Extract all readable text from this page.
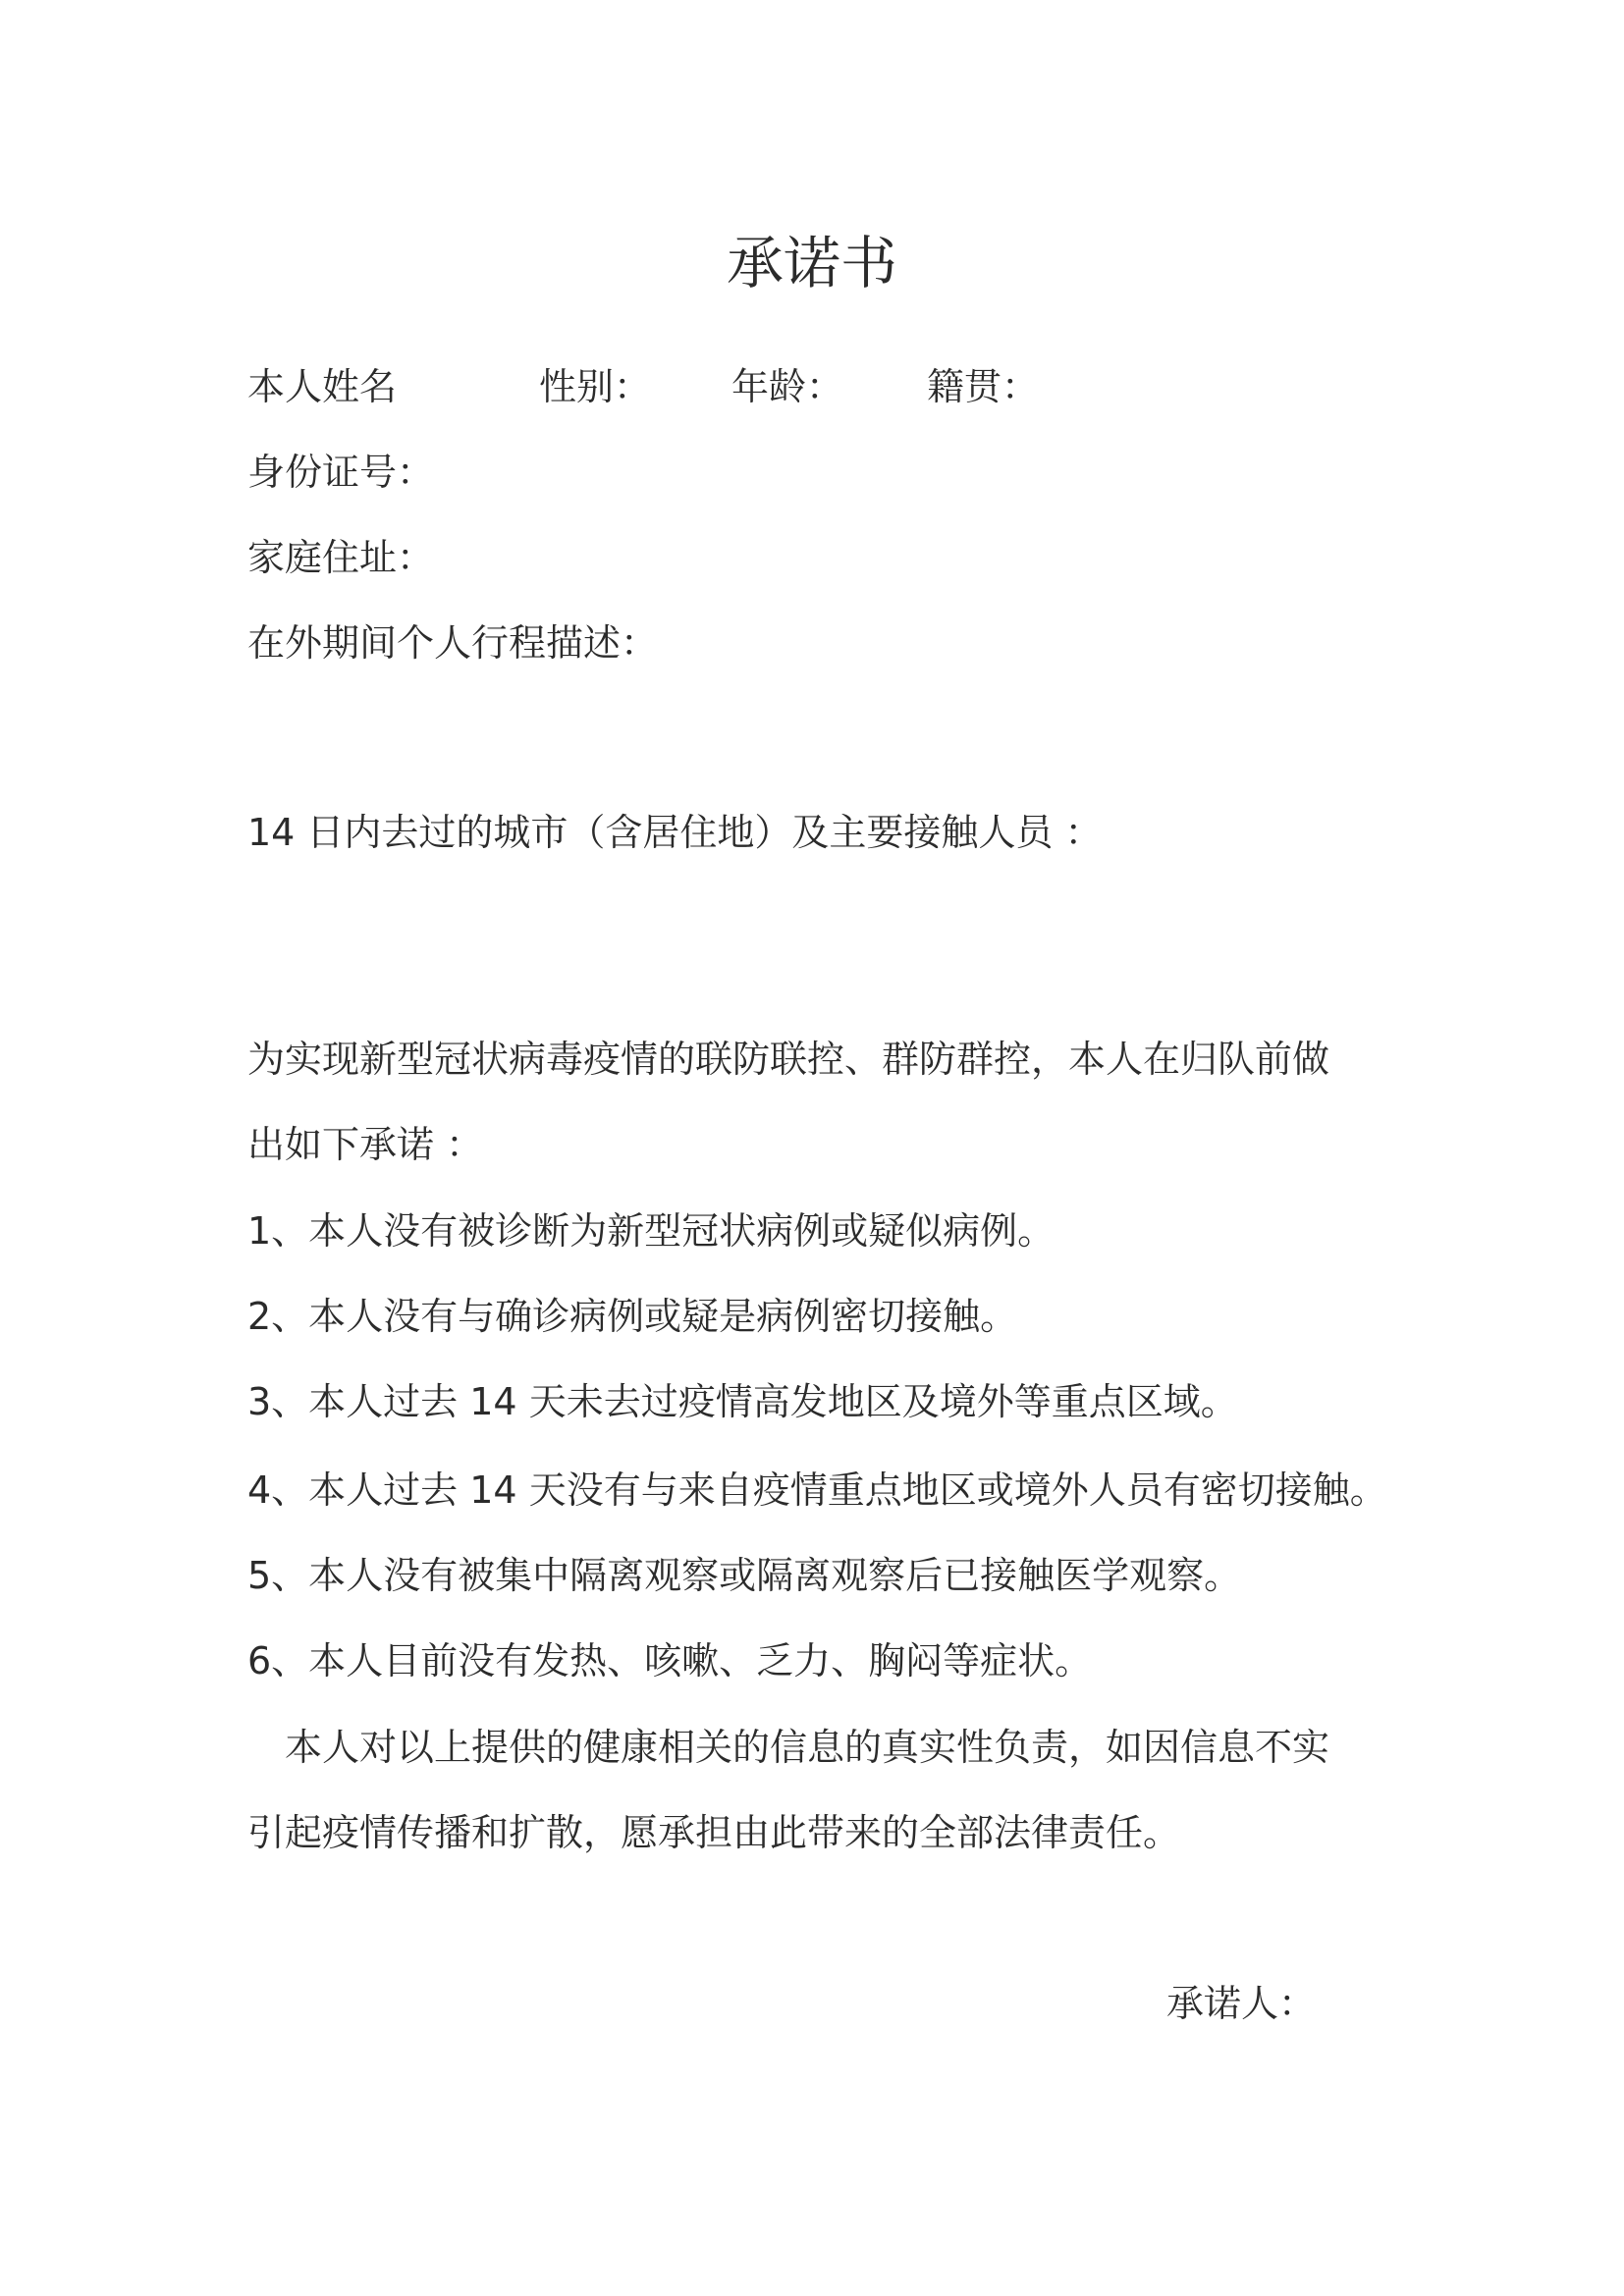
承诺书
本人姓名	性别： 年龄： 籍贯：
身份证号：
家庭住址：
在外期间个人行程描述：
14 日内去过的城市（含居住地）及主要接触人员 ：
为实现新型冠状病毒疫情的联防联控、群防群控，本人在归队前做
出如下承诺 ：
1、本人没有被诊断为新型冠状病例或疑似病例。
2、本人没有与确诊病例或疑是病例密切接触。
3、本人过去 14 天未去过疫情高发地区及境外等重点区域。
4、本人过去 14 天没有与来自疫情重点地区或境外人员有密切接触。
5、本人没有被集中隔离观察或隔离观察后已接触医学观察。
6、本人目前没有发热、咳嗽、乏力、胸闷等症状。
　本人对以上提供的健康相关的信息的真实性负责，如因信息不实
引起疫情传播和扩散，愿承担由此带来的全部法律责任。
承诺人：
